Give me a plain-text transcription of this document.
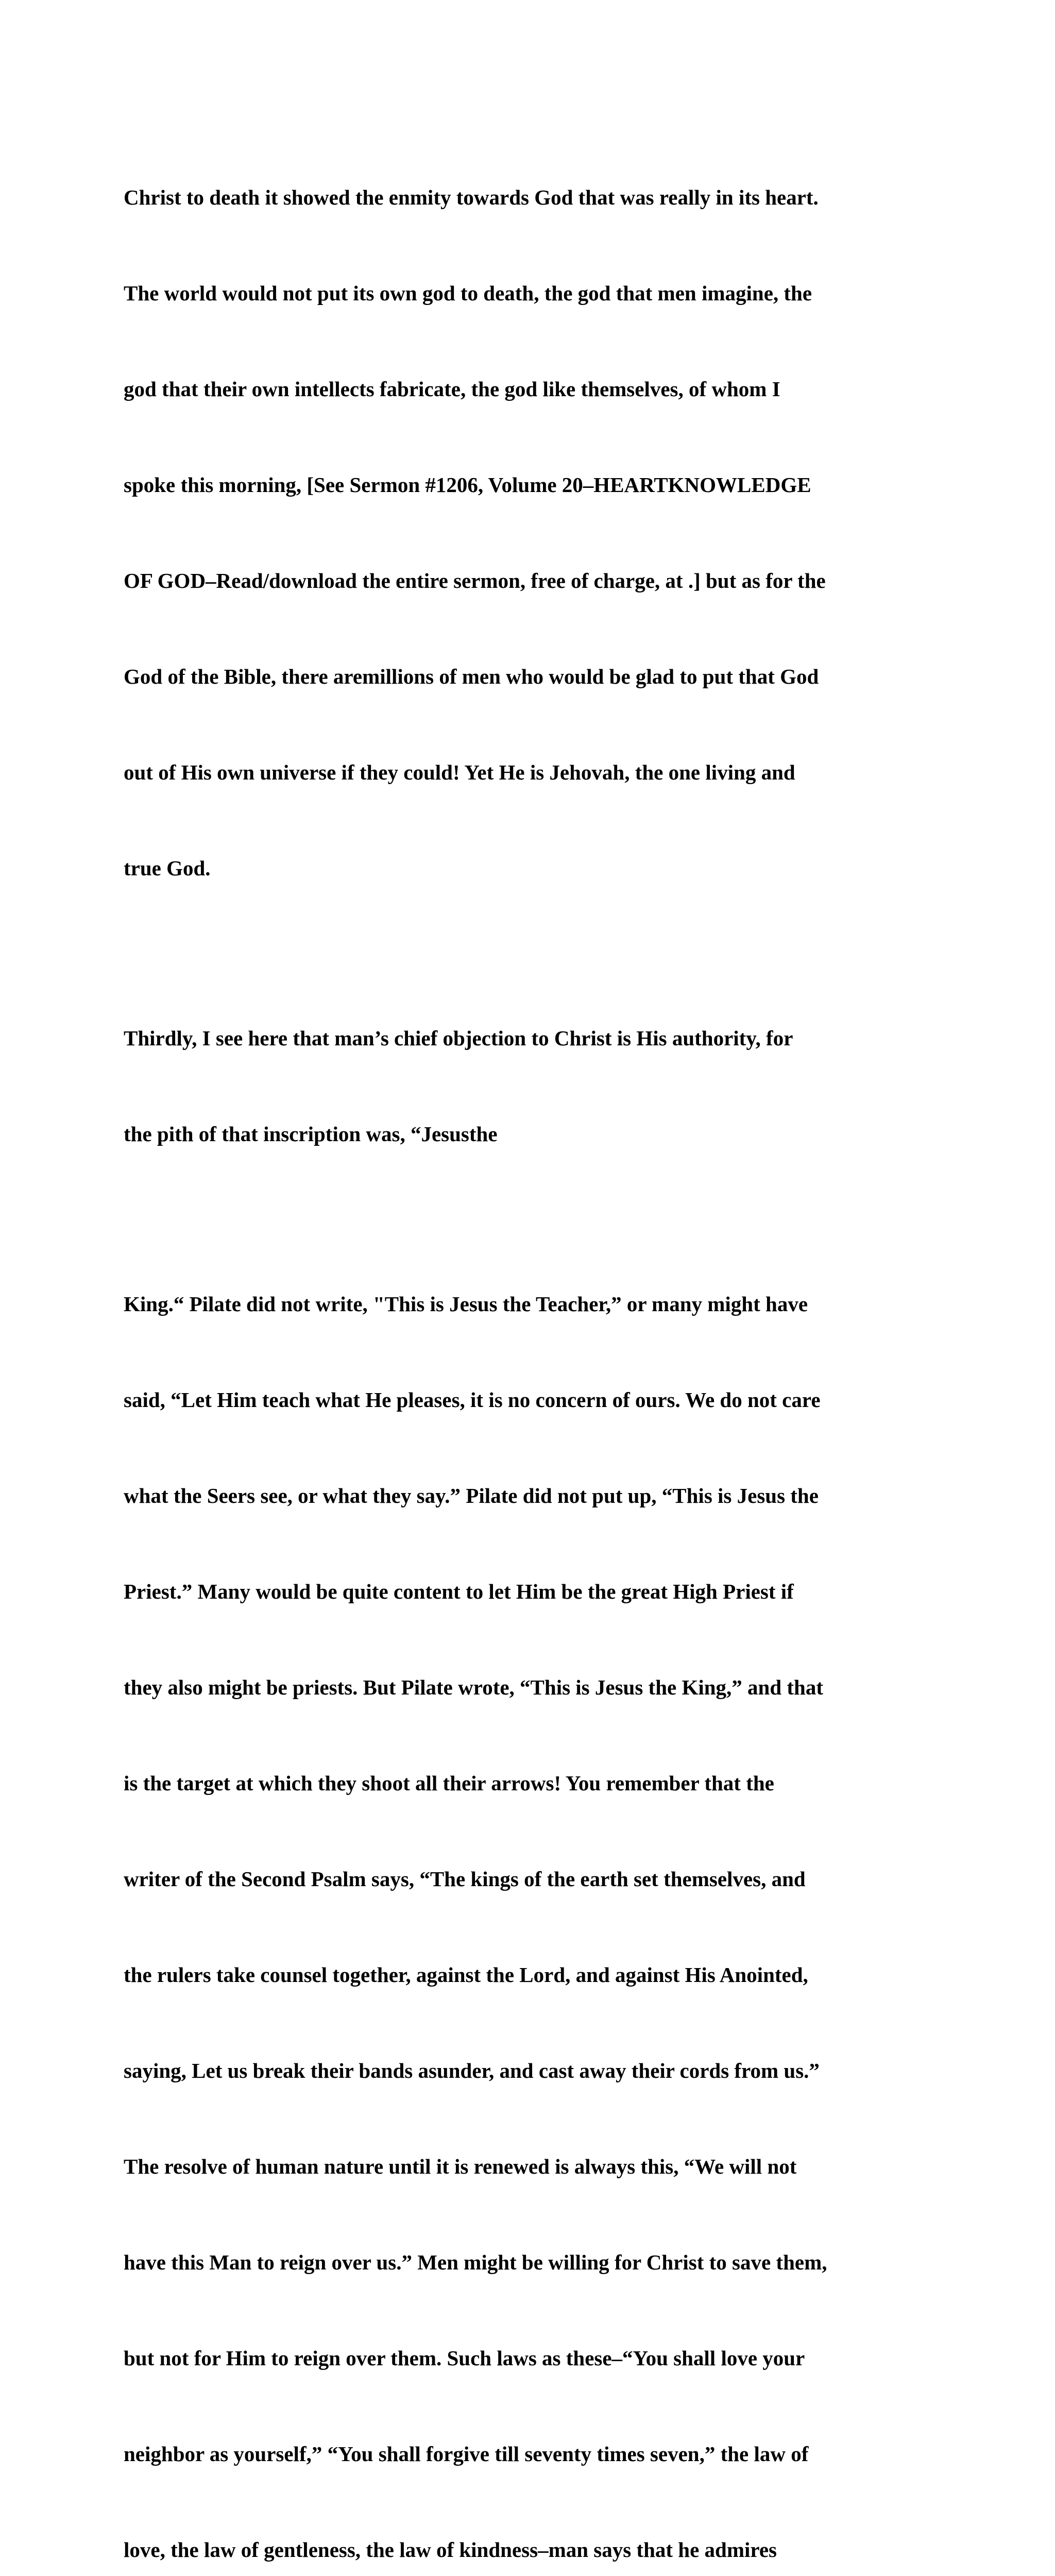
Christ to death it showed the enmity towards God that was really in its heart.

The world would not put its own god to death, the god that men imagine, the

god that their own intellects fabricate, the god like themselves, of whom I

spoke this morning, [See Sermon #1206, Volume 20–HEARTKNOWLEDGE

OF GOD–Read/download the entire sermon, free of charge, at .] but as for the

God of the Bible, there aremillions of men who would be glad to put that God

out of His own universe if they could! Yet He is Jehovah, the one living and

true God.

Thirdly, I see here that man’s chief objection to Christ is His authority, for

the pith of that inscription was, “Jesusthe

King.“ Pilate did not write, "This is Jesus the Teacher,” or many might have

said, “Let Him teach what He pleases, it is no concern of ours. We do not care

what the Seers see, or what they say.” Pilate did not put up, “This is Jesus the

Priest.” Many would be quite content to let Him be the great High Priest if

they also might be priests. But Pilate wrote, “This is Jesus the King,” and that

is the target at which they shoot all their arrows! You remember that the

writer of the Second Psalm says, “The kings of the earth set themselves, and

the rulers take counsel together, against the Lord, and against His Anointed,

saying, Let us break their bands asunder, and cast away their cords from us.”

The resolve of human nature until it is renewed is always this, “We will not

have this Man to reign over us.” Men might be willing for Christ to save them,

but not for Him to reign over them. Such laws as these–“You shall love your

neighbor as yourself,” “You shall forgive till seventy times seven,” the law of

love, the law of gentleness, the law of kindness–man says that he admires
